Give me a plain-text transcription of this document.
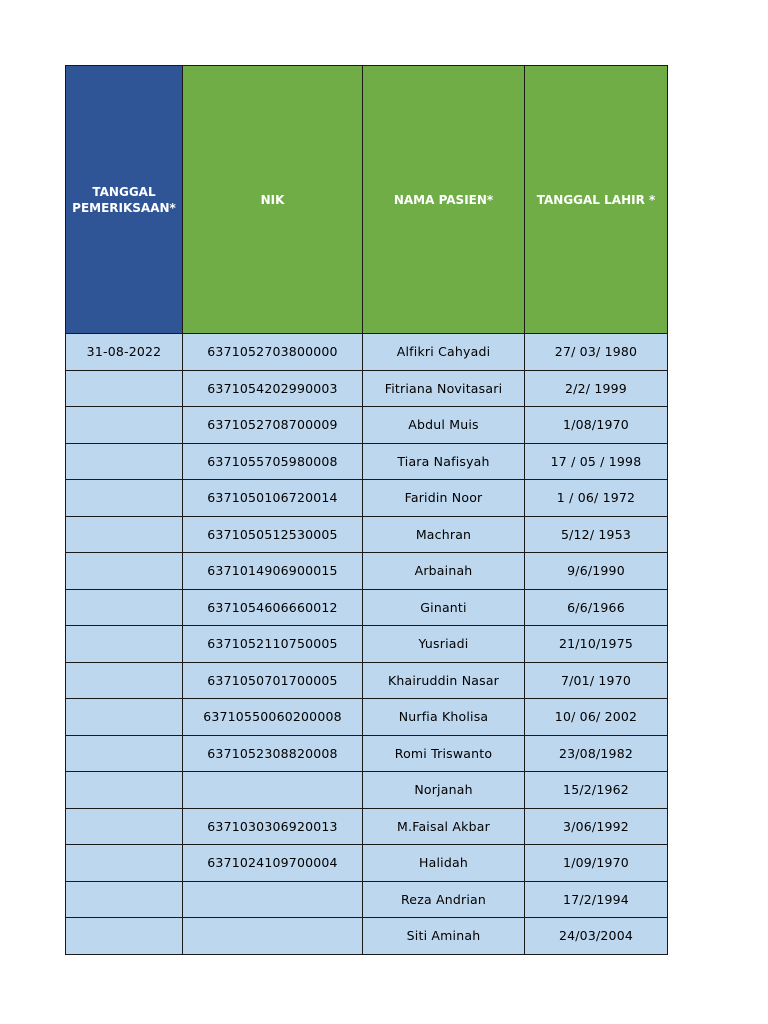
TANGGAL PEMERIKSAAN*	NIK	NAMA PASIEN*	TANGGAL LAHIR *
31-08-2022	6371052703800000	Alfikri Cahyadi	27/ 03/ 1980
	6371054202990003	Fitriana Novitasari	2/2/ 1999
	6371052708700009	Abdul Muis	1/08/1970
	6371055705980008	Tiara Nafisyah	17 / 05 / 1998
	6371050106720014	Faridin Noor	1 / 06/ 1972
	6371050512530005	Machran	5/12/ 1953
	6371014906900015	Arbainah	9/6/1990
	6371054606660012	Ginanti	6/6/1966
	6371052110750005	Yusriadi	21/10/1975
	6371050701700005	Khairuddin Nasar	7/01/ 1970
	63710550060200008	Nurfia Kholisa	10/ 06/ 2002
	6371052308820008	Romi Triswanto	23/08/1982
		Norjanah	15/2/1962
	6371030306920013	M.Faisal Akbar	3/06/1992
	6371024109700004	Halidah	1/09/1970
		Reza Andrian	17/2/1994
		Siti Aminah	24/03/2004
